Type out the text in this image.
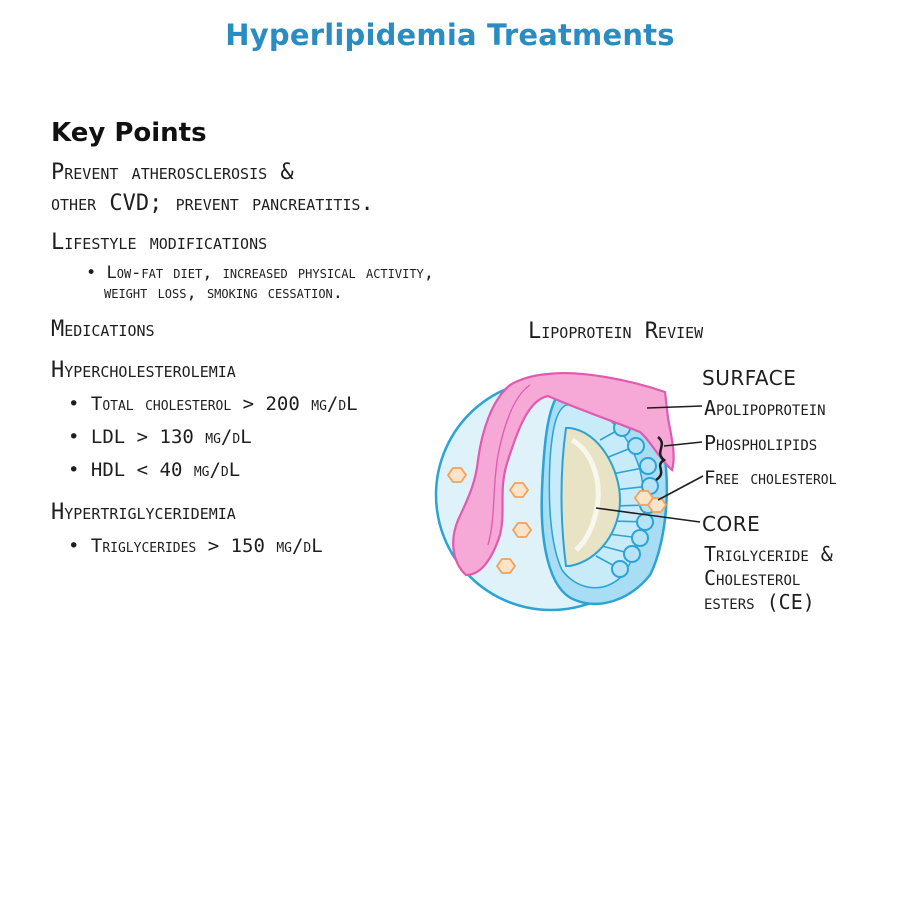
Hyperlipidemia Treatments
Key Points
Prevent atherosclerosis &
other CVD; prevent pancreatitis.
Lifestyle modifications
• Low-fat diet, increased physical activity,
weight loss, smoking cessation.
Medications
Hypercholesterolemia
• Total cholesterol > 200 mg/dL
• LDL > 130 mg/dL
• HDL < 40 mg/dL
Hypertriglyceridemia
• Triglycerides > 150 mg/dL
Lipoprotein Review
SURFACE
Apolipoprotein
Phospholipids
Free cholesterol
CORE
Triglyceride &
Cholesterol
esters (CE)
